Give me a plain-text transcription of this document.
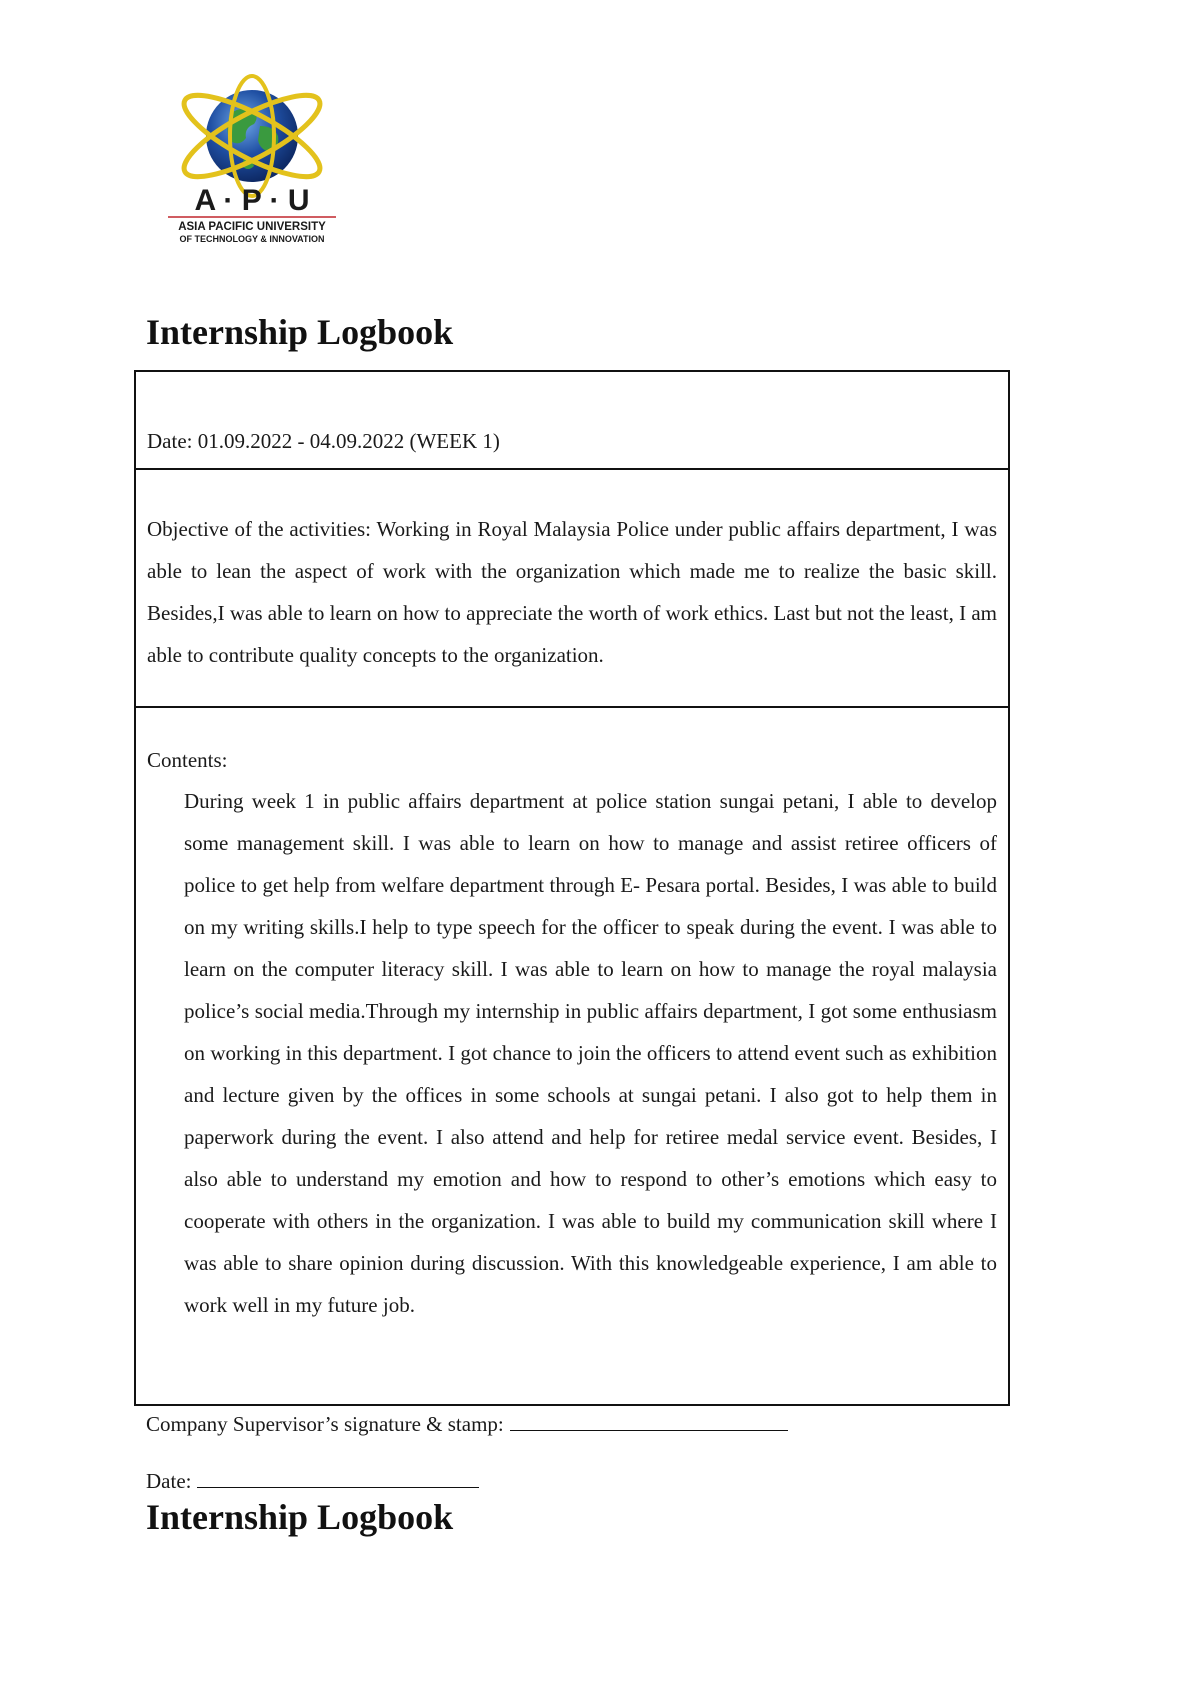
A · P · U
ASIA PACIFIC UNIVERSITY
OF TECHNOLOGY & INNOVATION
Internship Logbook
Date: 01.09.2022 - 04.09.2022 (WEEK 1)
Objective of the activities: Working in Royal Malaysia Police under public affairs department, I was able to lean the aspect of work with the organization which made me to realize the basic skill. Besides,I was able to learn on how to appreciate the worth of work ethics. Last but not the least, I am able to contribute quality concepts to the organization.
Contents:
During week 1 in public affairs department at police station sungai petani, I able to develop some management skill. I was able to learn on how to manage and assist retiree officers of police to get help from welfare department through E- Pesara portal. Besides, I was able to build on my writing skills.I help to type speech for the officer to speak during the event. I was able to learn on the computer literacy skill. I was able to learn on how to manage the royal malaysia police’s social media.Through my internship in public affairs department, I got some enthusiasm on working in this department. I got chance to join the officers to attend event such as exhibition and lecture given by the offices in some schools at sungai petani. I also got to help them in paperwork during the event. I also attend and help for retiree medal service event. Besides, I also able to understand my emotion and how to respond to other’s emotions which easy to cooperate with others in the organization. I was able to build my communication skill where I was able to share opinion during discussion. With this knowledgeable experience, I am able to work well in my future job.
Company Supervisor’s signature & stamp:
Date:
Internship Logbook
